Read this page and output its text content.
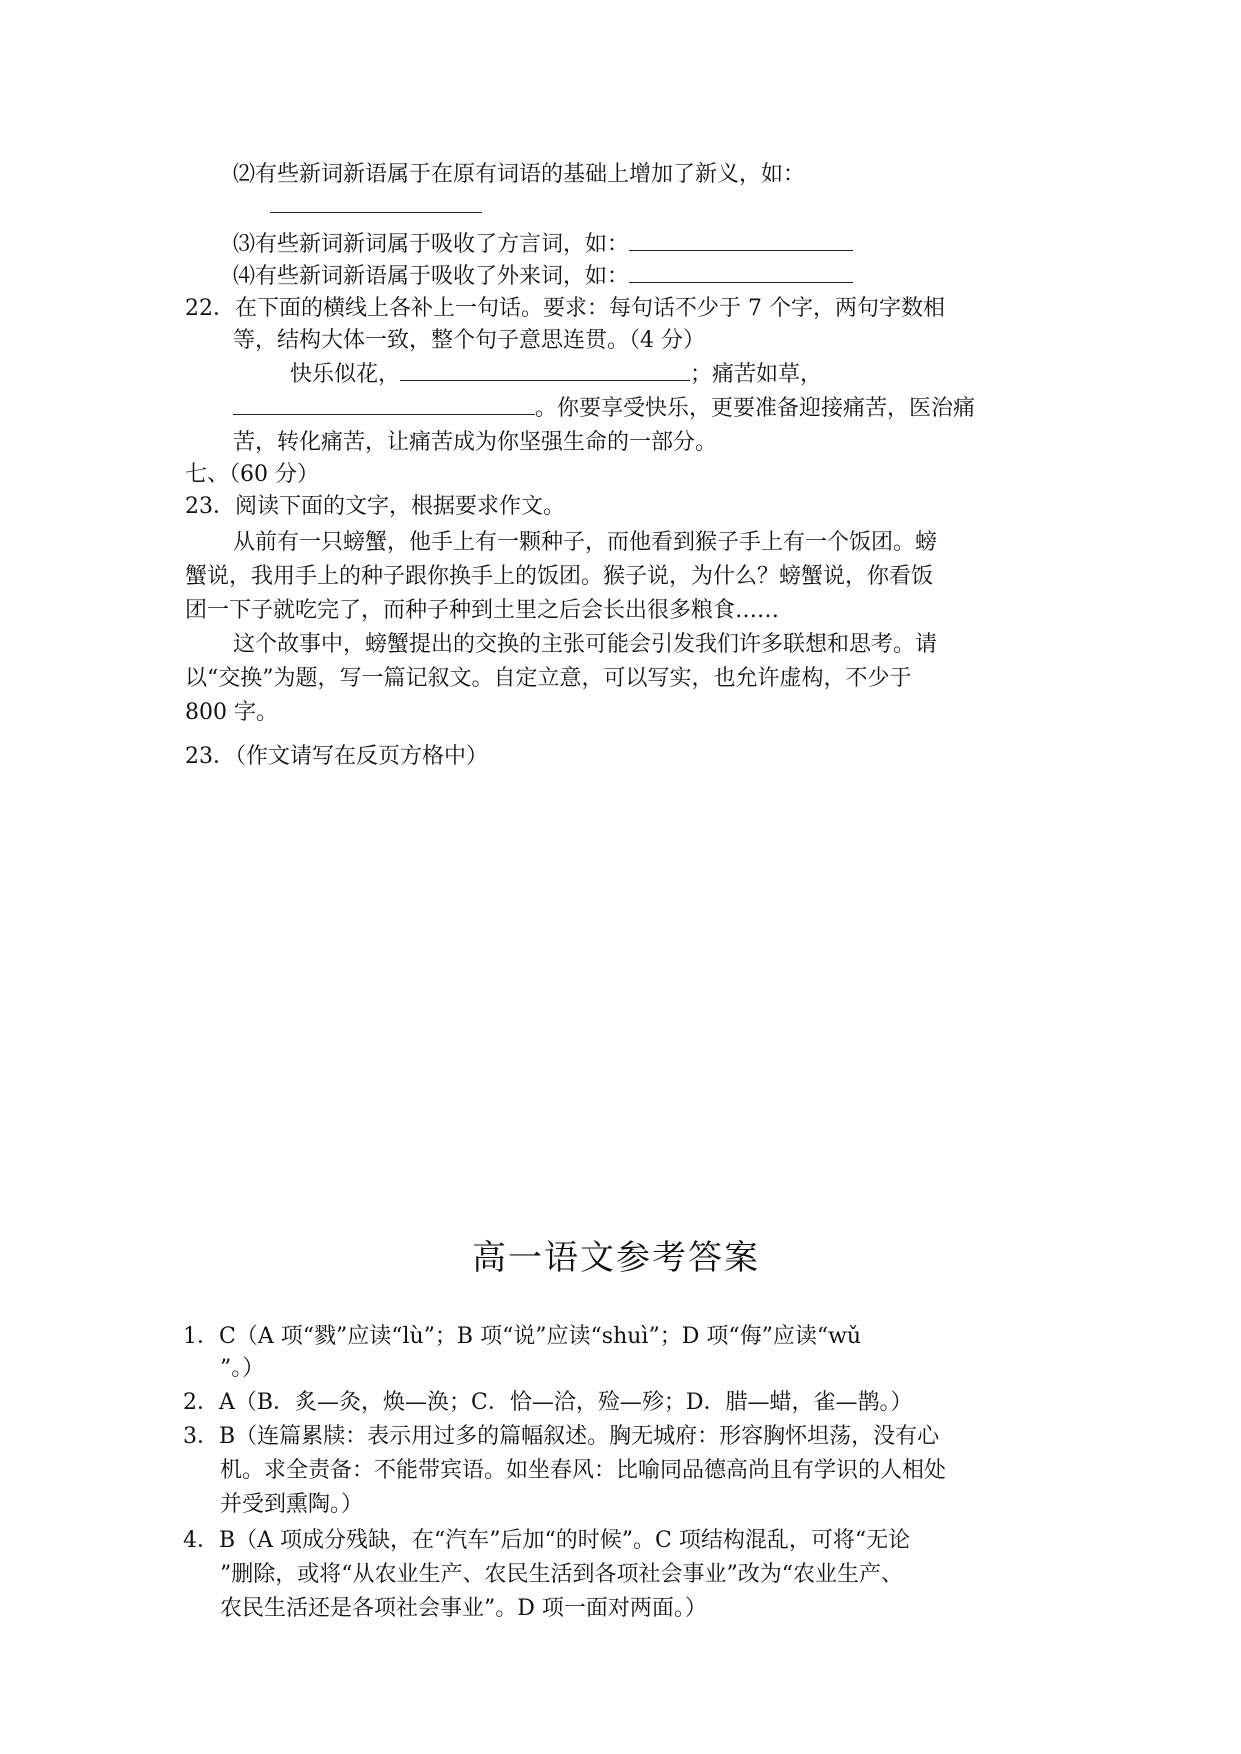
⑵有些新词新语属于在原有词语的基础上增加了新义，如：
⑶有些新词新词属于吸收了方言词，如：
⑷有些新词新语属于吸收了外来词，如：
22．在下面的横线上各补上一句话。要求：每句话不少于 7 个字，两句字数相
等，结构大体一致，整个句子意思连贯。（4 分）
快乐似花，	；痛苦如草，
。你要享受快乐，更要准备迎接痛苦，医治痛
苦，转化痛苦，让痛苦成为你坚强生命的一部分。
七、（60 分）
23．阅读下面的文字，根据要求作文。
从前有一只螃蟹，他手上有一颗种子，而他看到猴子手上有一个饭团。螃
蟹说，我用手上的种子跟你换手上的饭团。猴子说，为什么？螃蟹说，你看饭
团一下子就吃完了，而种子种到土里之后会长出很多粮食……
这个故事中，螃蟹提出的交换的主张可能会引发我们许多联想和思考。请
以“交换”为题，写一篇记叙文。自定立意，可以写实，也允许虚构，不少于
800 字。
23．（作文请写在反页方格中）
高一语文参考答案
1．C（A 项“戮”应读“lù”；B 项“说”应读“shuì”；D 项“侮”应读“wǔ
”。）
2．A（B．炙—灸，焕—涣；C．恰—洽，殓—殄；D．腊—蜡，雀—鹊。）
3．B（连篇累牍：表示用过多的篇幅叙述。胸无城府：形容胸怀坦荡，没有心
机。求全责备：不能带宾语。如坐春风：比喻同品德高尚且有学识的人相处
并受到熏陶。）
4．B（A 项成分残缺，在“汽车”后加“的时候”。C 项结构混乱，可将“无论
”删除，或将“从农业生产、农民生活到各项社会事业”改为“农业生产、
农民生活还是各项社会事业”。D 项一面对两面。）
